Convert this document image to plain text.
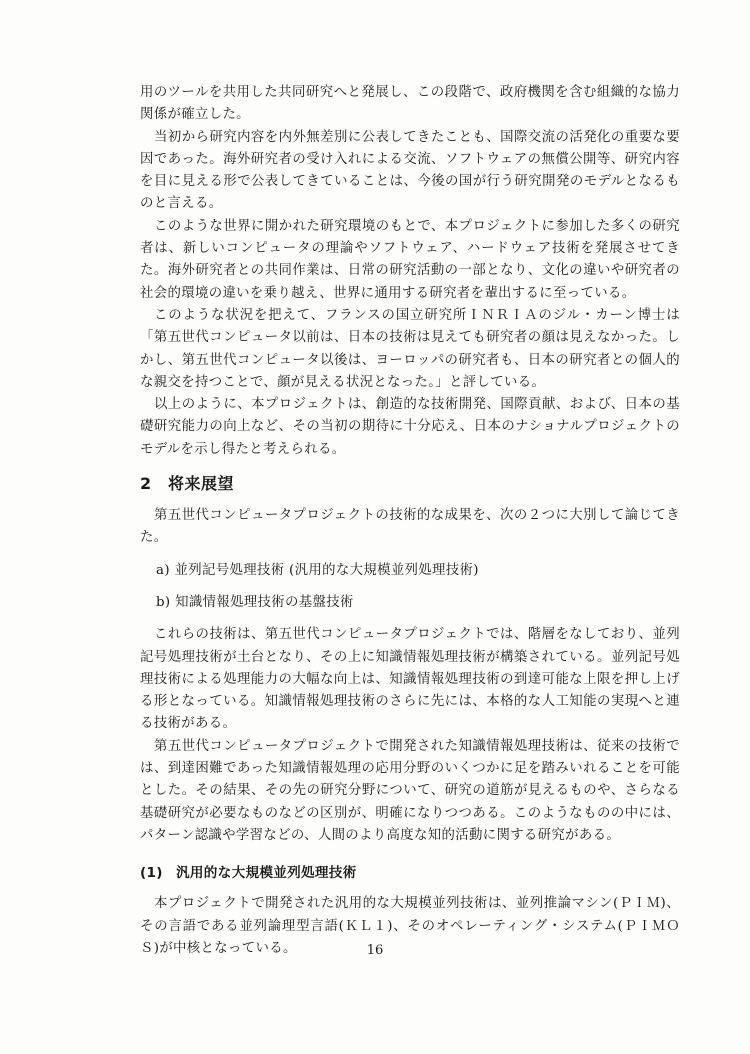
用のツールを共用した共同研究へと発展し、この段階で、政府機関を含む組織的な協力関係が確立した。

当初から研究内容を内外無差別に公表してきたことも、国際交流の活発化の重要な要因であった。海外研究者の受け入れによる交流、ソフトウェアの無償公開等、研究内容を目に見える形で公表してきていることは、今後の国が行う研究開発のモデルとなるものと言える。

このような世界に開かれた研究環境のもとで、本プロジェクトに参加した多くの研究者は、新しいコンピュータの理論やソフトウェア、ハードウェア技術を発展させてきた。海外研究者との共同作業は、日常の研究活動の一部となり、文化の違いや研究者の社会的環境の違いを乗り越え、世界に通用する研究者を輩出するに至っている。

このような状況を把えて、フランスの国立研究所ＩＮＲＩＡのジル・カーン博士は「第五世代コンピュータ以前は、日本の技術は見えても研究者の顔は見えなかった。しかし、第五世代コンピュータ以後は、ヨーロッパの研究者も、日本の研究者との個人的な親交を持つことで、顔が見える状況となった。」と評している。

以上のように、本プロジェクトは、創造的な技術開発、国際貢献、および、日本の基礎研究能力の向上など、その当初の期待に十分応え、日本のナショナルプロジェクトのモデルを示し得たと考えられる。

2 将来展望

第五世代コンピュータプロジェクトの技術的な成果を、次の２つに大別して論じてきた。

a) 並列記号処理技術 (汎用的な大規模並列処理技術)
b) 知識情報処理技術の基盤技術

これらの技術は、第五世代コンピュータプロジェクトでは、階層をなしており、並列記号処理技術が土台となり、その上に知識情報処理技術が構築されている。並列記号処理技術による処理能力の大幅な向上は、知識情報処理技術の到達可能な上限を押し上げる形となっている。知識情報処理技術のさらに先には、本格的な人工知能の実現へと連る技術がある。

第五世代コンピュータプロジェクトで開発された知識情報処理技術は、従来の技術では、到達困難であった知識情報処理の応用分野のいくつかに足を踏みいれることを可能とした。その結果、その先の研究分野について、研究の道筋が見えるものや、さらなる基礎研究が必要なものなどの区別が、明確になりつつある。このようなものの中には、パターン認識や学習などの、人間のより高度な知的活動に関する研究がある。

(1) 汎用的な大規模並列処理技術

本プロジェクトで開発された汎用的な大規模並列技術は、並列推論マシン(ＰＩＭ)、その言語である並列論理型言語(ＫＬ１)、そのオペレーティング・システム(ＰＩＭＯＳ)が中核となっている。	16
